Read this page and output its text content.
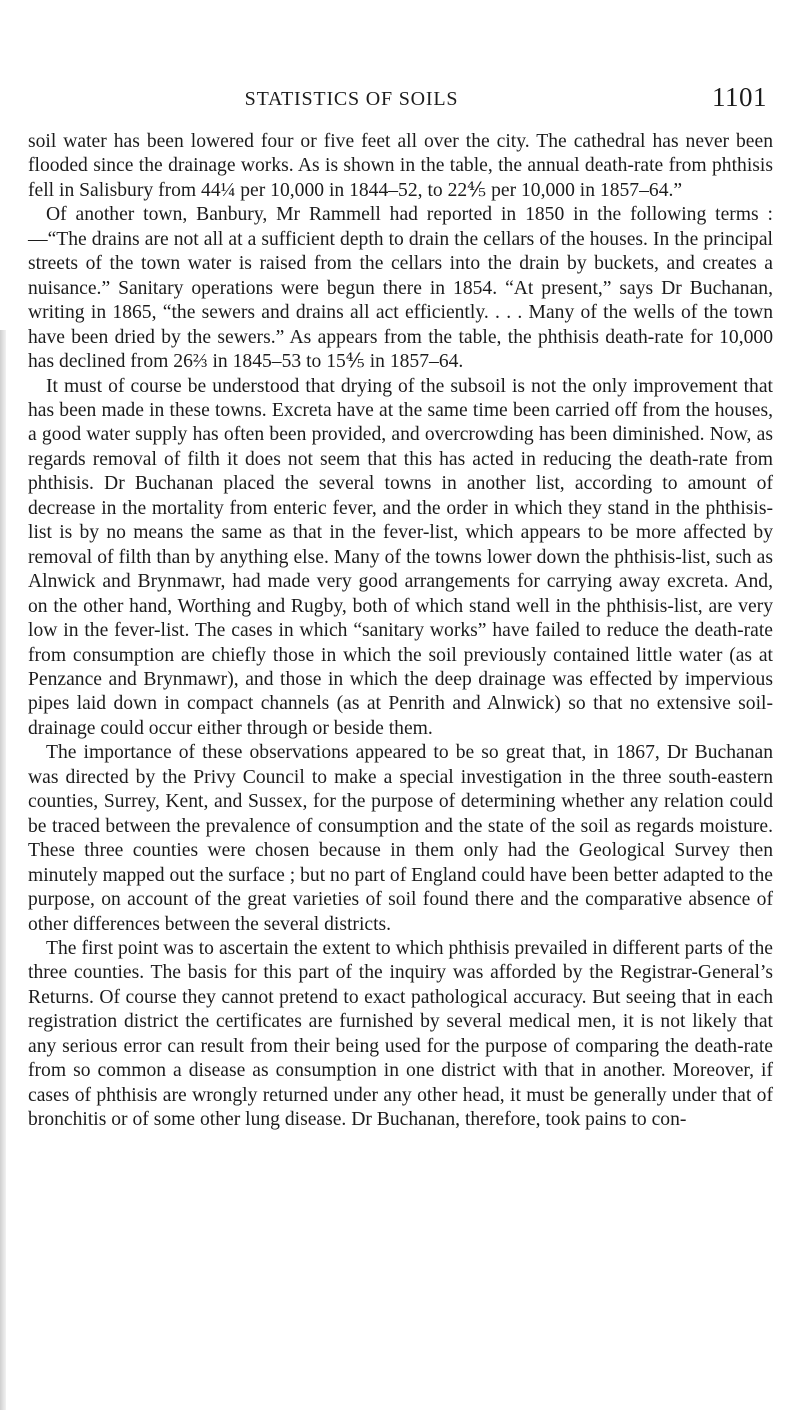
STATISTICS OF SOILS	1101

soil water has been lowered four or five feet all over the city. The cathedral has never been flooded since the drainage works. As is shown in the table, the annual death-rate from phthisis fell in Salisbury from 44¼ per 10,000 in 1844–52, to 22⅘ per 10,000 in 1857–64.”

Of another town, Banbury, Mr Rammell had reported in 1850 in the following terms :—“The drains are not all at a sufficient depth to drain the cellars of the houses. In the principal streets of the town water is raised from the cellars into the drain by buckets, and creates a nuisance.” Sanitary operations were begun there in 1854. “At present,” says Dr Buchanan, writing in 1865, “the sewers and drains all act efficiently. . . . Many of the wells of the town have been dried by the sewers.” As appears from the table, the phthisis death-rate for 10,000 has declined from 26⅔ in 1845–53 to 15⅘ in 1857–64.

It must of course be understood that drying of the subsoil is not the only improvement that has been made in these towns. Excreta have at the same time been carried off from the houses, a good water supply has often been provided, and overcrowding has been diminished. Now, as regards removal of filth it does not seem that this has acted in reducing the death-rate from phthisis. Dr Buchanan placed the several towns in another list, according to amount of decrease in the mortality from enteric fever, and the order in which they stand in the phthisis-list is by no means the same as that in the fever-list, which appears to be more affected by removal of filth than by anything else. Many of the towns lower down the phthisis-list, such as Alnwick and Brynmawr, had made very good arrangements for carrying away excreta. And, on the other hand, Worthing and Rugby, both of which stand well in the phthisis-list, are very low in the fever-list. The cases in which “sanitary works” have failed to reduce the death-rate from consumption are chiefly those in which the soil previously contained little water (as at Penzance and Brynmawr), and those in which the deep drainage was effected by impervious pipes laid down in compact channels (as at Penrith and Alnwick) so that no extensive soil-drainage could occur either through or beside them.

The importance of these observations appeared to be so great that, in 1867, Dr Buchanan was directed by the Privy Council to make a special investigation in the three south-eastern counties, Surrey, Kent, and Sussex, for the purpose of determining whether any relation could be traced between the prevalence of consumption and the state of the soil as regards moisture. These three counties were chosen because in them only had the Geological Survey then minutely mapped out the surface ; but no part of England could have been better adapted to the purpose, on account of the great varieties of soil found there and the comparative absence of other differences between the several districts.

The first point was to ascertain the extent to which phthisis prevailed in different parts of the three counties. The basis for this part of the inquiry was afforded by the Registrar-General’s Returns. Of course they cannot pretend to exact pathological accuracy. But seeing that in each registration district the certificates are furnished by several medical men, it is not likely that any serious error can result from their being used for the purpose of comparing the death-rate from so common a disease as consumption in one district with that in another. Moreover, if cases of phthisis are wrongly returned under any other head, it must be generally under that of bronchitis or of some other lung disease. Dr Buchanan, therefore, took pains to con-
